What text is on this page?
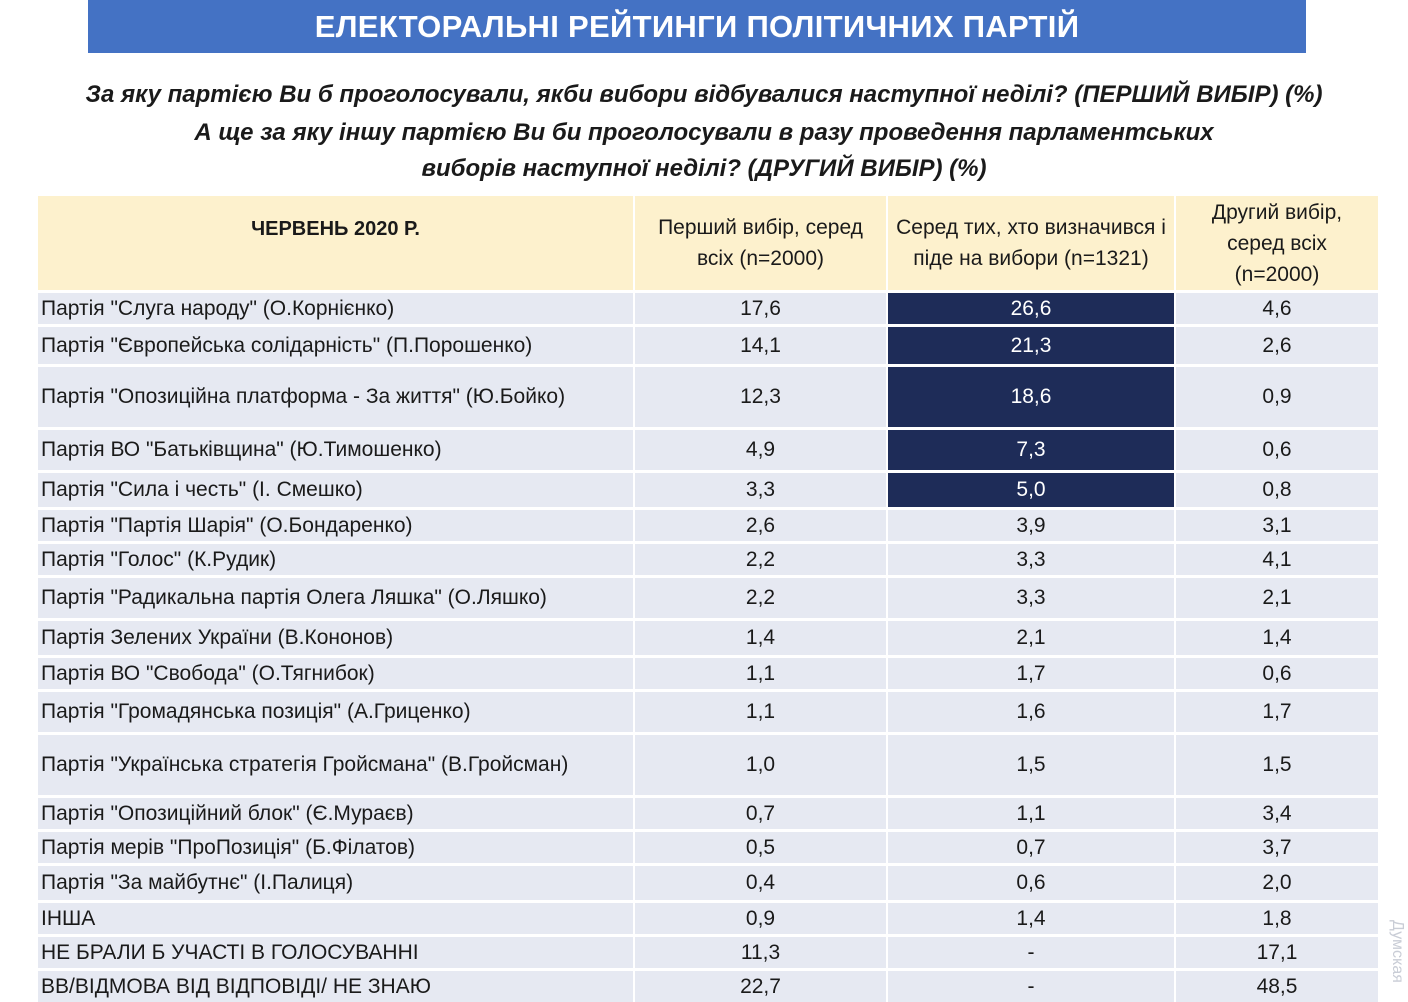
ЕЛЕКТОРАЛЬНІ РЕЙТИНГИ ПОЛІТИЧНИХ ПАРТІЙ
За яку партією Ви б проголосували, якби вибори відбувалися наступної неділі? (ПЕРШИЙ ВИБІР) (%)
А ще за яку іншу партією Ви би проголосували в разу проведення парламентських
виборів наступної неділі? (ДРУГИЙ ВИБІР) (%)
ЧЕРВЕНЬ 2020 Р.	Перший вибір, серед всіх (n=2000)	Серед тих, хто визначився і піде на вибори (n=1321)	Другий вибір, серед всіх (n=2000)
Партія "Слуга народу" (О.Корнієнко)	17,6	26,6	4,6
Партія "Європейська солідарність" (П.Порошенко)	14,1	21,3	2,6
Партія "Опозиційна платформа - За життя" (Ю.Бойко)	12,3	18,6	0,9
Партія ВО "Батьківщина" (Ю.Тимошенко)	4,9	7,3	0,6
Партія "Сила і честь" (І. Смешко)	3,3	5,0	0,8
Партія "Партія Шарія" (О.Бондаренко)	2,6	3,9	3,1
Партія "Голос" (К.Рудик)	2,2	3,3	4,1
Партія "Радикальна партія Олега Ляшка" (О.Ляшко)	2,2	3,3	2,1
Партія Зелених України (В.Кононов)	1,4	2,1	1,4
Партія ВО "Свобода" (О.Тягнибок)	1,1	1,7	0,6
Партія "Громадянська позиція" (А.Гриценко)	1,1	1,6	1,7
Партія "Українська стратегія Гройсмана" (В.Гройсман)	1,0	1,5	1,5
Партія "Опозиційний блок" (Є.Мураєв)	0,7	1,1	3,4
Партія мерів "ПроПозиція" (Б.Філатов)	0,5	0,7	3,7
Партія "За майбутнє" (І.Палиця)	0,4	0,6	2,0
ІНША	0,9	1,4	1,8
НЕ БРАЛИ Б УЧАСТІ В ГОЛОСУВАННІ	11,3	-	17,1
ВВ/ВІДМОВА ВІД ВІДПОВІДІ/ НЕ ЗНАЮ	22,7	-	48,5
Думская
